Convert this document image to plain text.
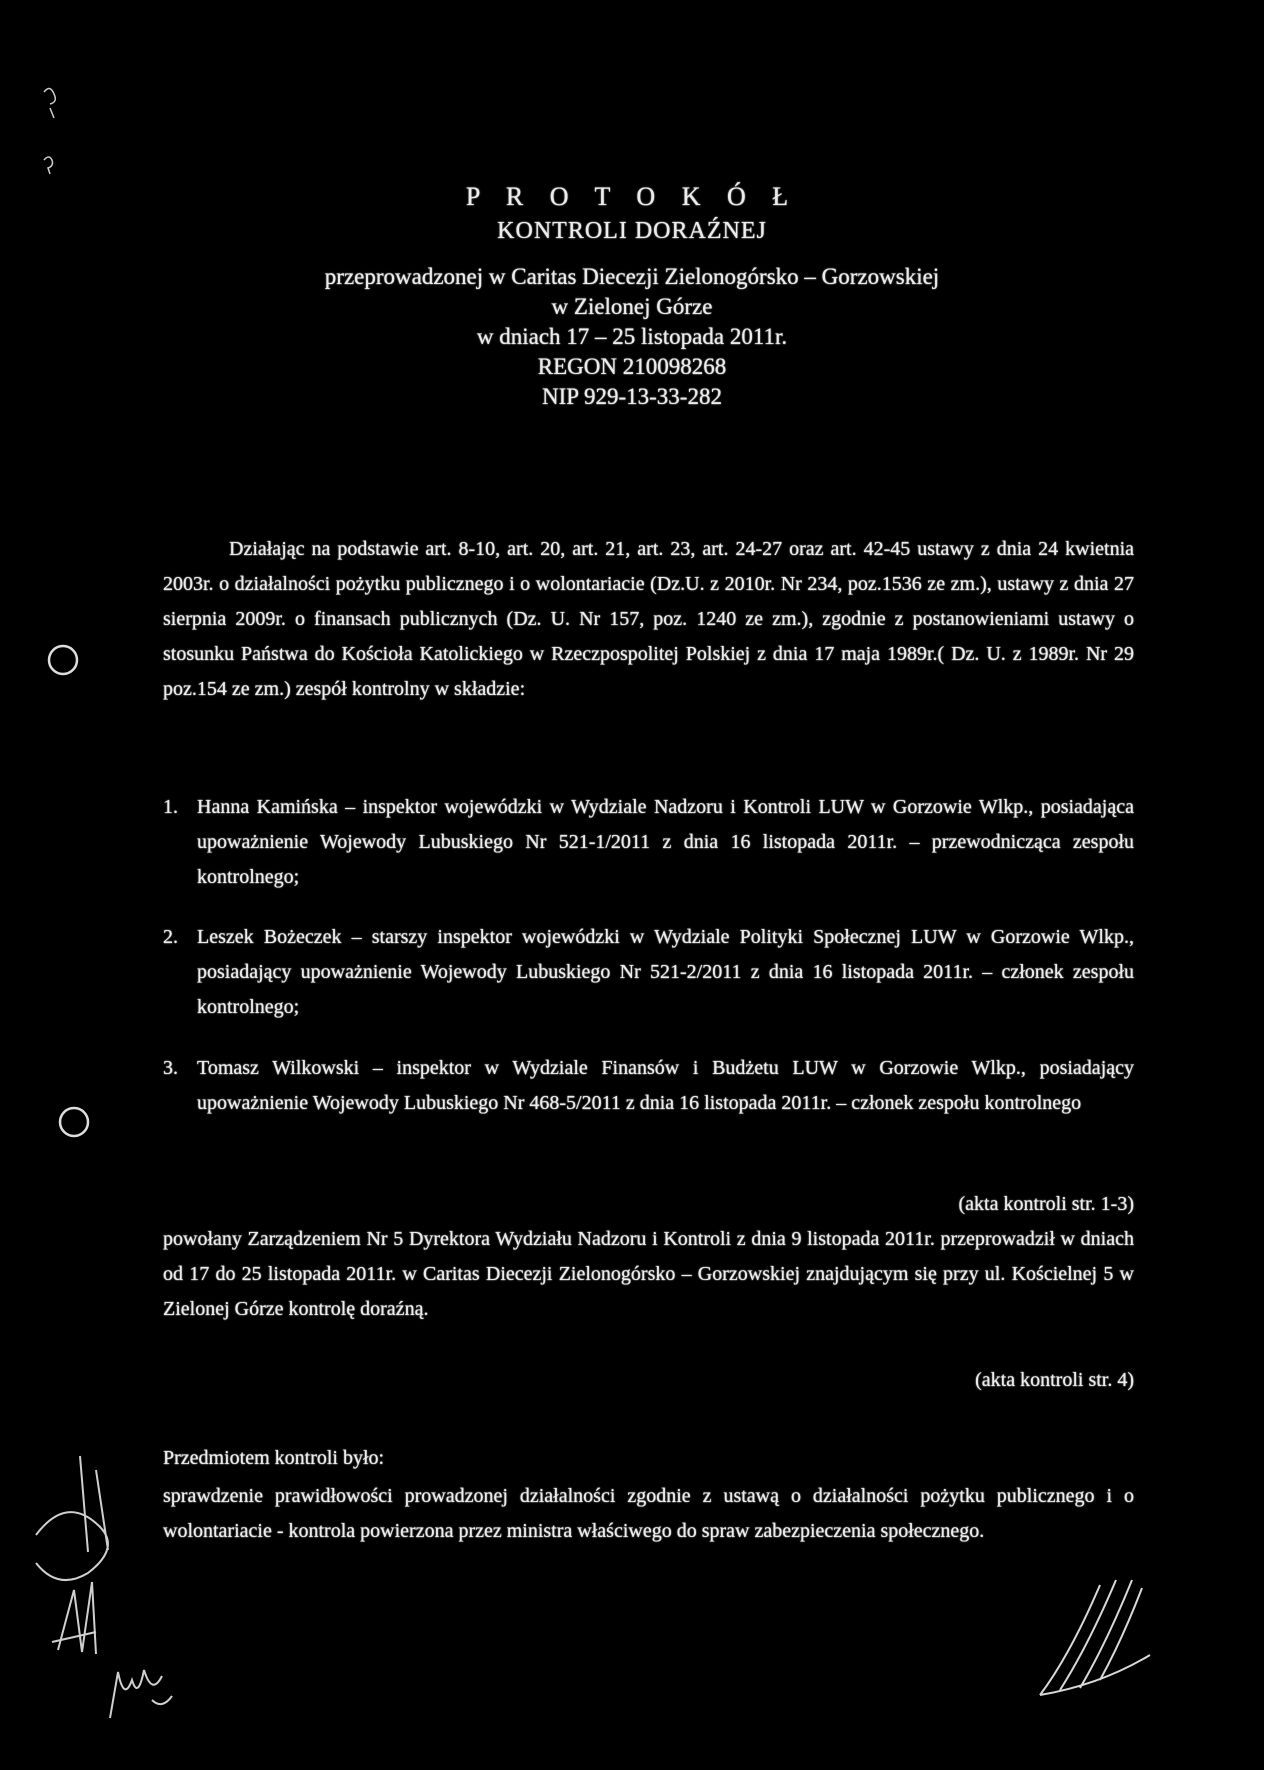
P R O T O K Ó Ł
KONTROLI DORAŹNEJ
przeprowadzonej w Caritas Diecezji Zielonogórsko – Gorzowskiej
w Zielonej Górze
w dniach 17 – 25 listopada 2011r.
REGON 210098268
NIP 929-13-33-282
Działając na podstawie art. 8-10, art. 20, art. 21, art. 23, art. 24-27 oraz art. 42-45 ustawy z dnia 24 kwietnia 2003r. o działalności pożytku publicznego i o wolontariacie (Dz.U. z 2010r. Nr 234, poz.1536 ze zm.), ustawy z dnia 27 sierpnia 2009r. o finansach publicznych (Dz. U. Nr 157, poz. 1240 ze zm.), zgodnie z postanowieniami ustawy o stosunku Państwa do Kościoła Katolickiego w Rzeczpospolitej Polskiej z dnia 17 maja 1989r.( Dz. U. z 1989r. Nr 29 poz.154 ze zm.) zespół kontrolny w składzie:
1. Hanna Kamińska – inspektor wojewódzki w Wydziale Nadzoru i Kontroli LUW w Gorzowie Wlkp., posiadająca upoważnienie Wojewody Lubuskiego Nr 521-1/2011 z dnia 16 listopada 2011r. – przewodnicząca zespołu kontrolnego;
2. Leszek Bożeczek – starszy inspektor wojewódzki w Wydziale Polityki Społecznej LUW w Gorzowie Wlkp., posiadający upoważnienie Wojewody Lubuskiego Nr 521-2/2011 z dnia 16 listopada 2011r. – członek zespołu kontrolnego;
3. Tomasz Wilkowski – inspektor w Wydziale Finansów i Budżetu LUW w Gorzowie Wlkp., posiadający upoważnienie Wojewody Lubuskiego Nr 468-5/2011 z dnia 16 listopada 2011r. – członek zespołu kontrolnego
(akta kontroli str. 1-3)
powołany Zarządzeniem Nr 5 Dyrektora Wydziału Nadzoru i Kontroli z dnia 9 listopada 2011r. przeprowadził w dniach od 17 do 25 listopada 2011r. w Caritas Diecezji Zielonogórsko – Gorzowskiej znajdującym się przy ul. Kościelnej 5 w Zielonej Górze kontrolę doraźną.
(akta kontroli str. 4)
Przedmiotem kontroli było:
sprawdzenie prawidłowości prowadzonej działalności zgodnie z ustawą o działalności pożytku publicznego i o wolontariacie - kontrola powierzona przez ministra właściwego do spraw zabezpieczenia społecznego.
